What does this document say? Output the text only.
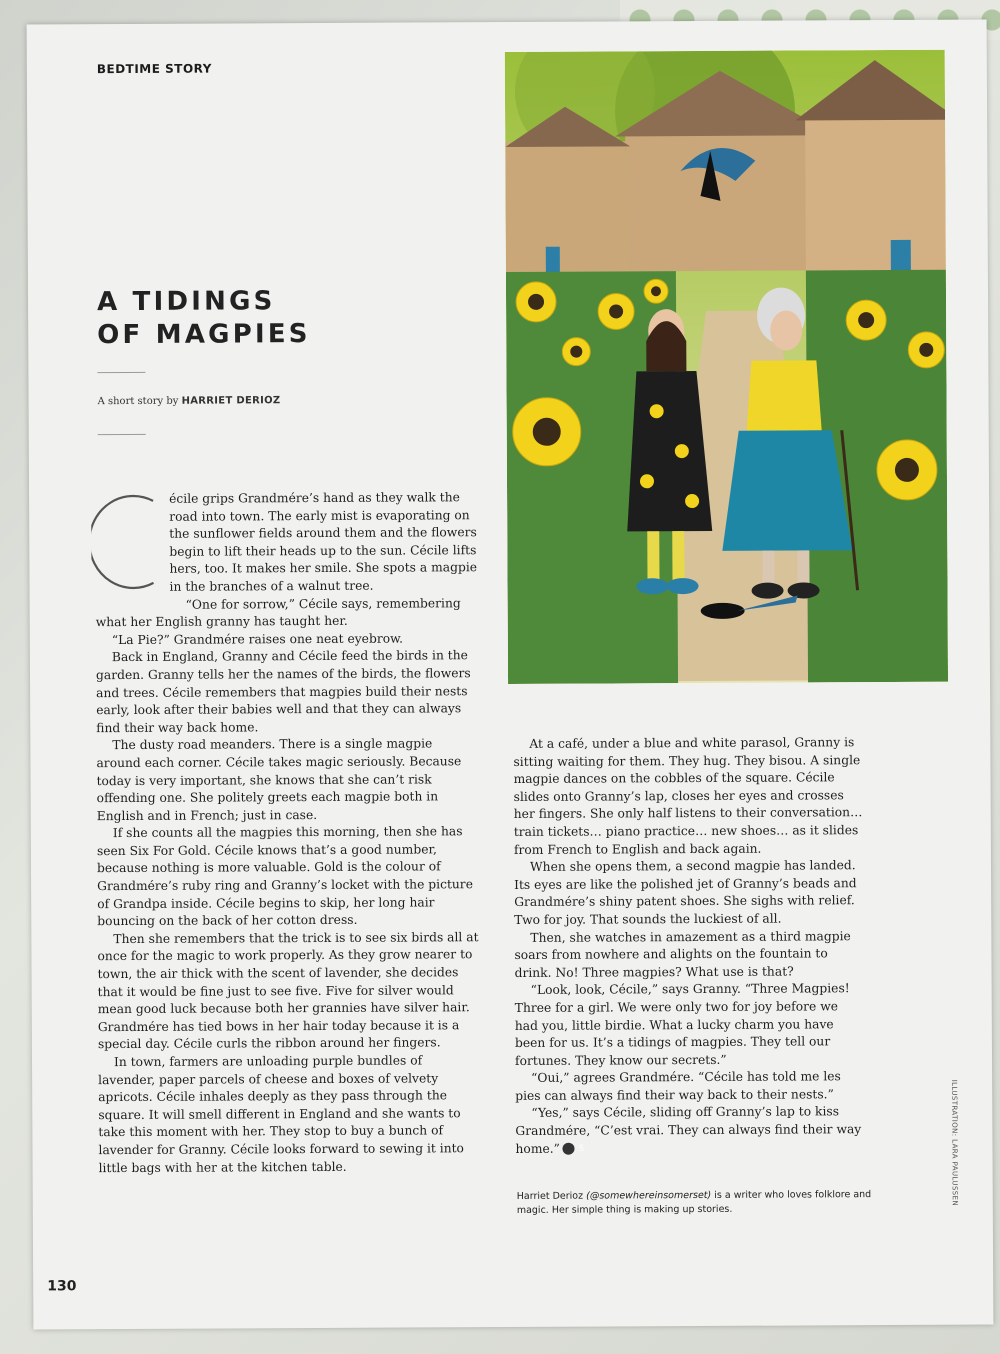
BEDTIME STORY
A TIDINGS
OF MAGPIES
A short story by HARRIET DERIOZ

écile grips Grandmére’s hand as they walk the road into town. The early mist is evaporating on the sunflower fields around them and the flowers begin to lift their heads up to the sun. Cécile lifts hers, too. It makes her smile. She spots a magpie in the branches of a walnut tree.

“One for sorrow,” Cécile says, remembering what her English granny has taught her.

“La Pie?” Grandmére raises one neat eyebrow.

Back in England, Granny and Cécile feed the birds in the garden. Granny tells her the names of the birds, the flowers and trees. Cécile remembers that magpies build their nests early, look after their babies well and that they can always find their way back home.

The dusty road meanders. There is a single magpie around each corner. Cécile takes magic seriously. Because today is very important, she knows that she can’t risk offending one. She politely greets each magpie both in English and in French; just in case.

If she counts all the magpies this morning, then she has seen Six For Gold. Cécile knows that’s a good number, because nothing is more valuable. Gold is the colour of Grandmére’s ruby ring and Granny’s locket with the picture of Grandpa inside. Cécile begins to skip, her long hair bouncing on the back of her cotton dress.

Then she remembers that the trick is to see six birds all at once for the magic to work properly. As they grow nearer to town, the air thick with the scent of lavender, she decides that it would be fine just to see five. Five for silver would mean good luck because both her grannies have silver hair. Grandmére has tied bows in her hair today because it is a special day. Cécile curls the ribbon around her fingers.

In town, farmers are unloading purple bundles of lavender, paper parcels of cheese and boxes of velvety apricots. Cécile inhales deeply as they pass through the square. It will smell different in England and she wants to take this moment with her. They stop to buy a bunch of lavender for Granny. Cécile looks forward to sewing it into little bags with her at the kitchen table.

At a café, under a blue and white parasol, Granny is sitting waiting for them. They hug. They bisou. A single magpie dances on the cobbles of the square. Cécile slides onto Granny’s lap, closes her eyes and crosses her fingers. She only half listens to their conversation… train tickets… piano practice… new shoes… as it slides from French to English and back again.

When she opens them, a second magpie has landed. Its eyes are like the polished jet of Granny’s beads and Grandmére’s shiny patent shoes. She sighs with relief. Two for joy. That sounds the luckiest of all.

Then, she watches in amazement as a third magpie soars from nowhere and alights on the fountain to drink. No! Three magpies? What use is that?

“Look, look, Cécile,” says Granny. “Three Magpies! Three for a girl. We were only two for joy before we had you, little birdie. What a lucky charm you have been for us. It’s a tidings of magpies. They tell our fortunes. They know our secrets.”

“Oui,” agrees Grandmére. “Cécile has told me les pies can always find their way back to their nests.”

“Yes,” says Cécile, sliding off Granny’s lap to kiss Grandmére, “C’est vrai. They can always find their way home.” S

Harriet Derioz (@somewhereinsomerset) is a writer who loves folklore and magic. Her simple thing is making up stories.
ILLUSTRATION: LARA PAULUSSEN
130
